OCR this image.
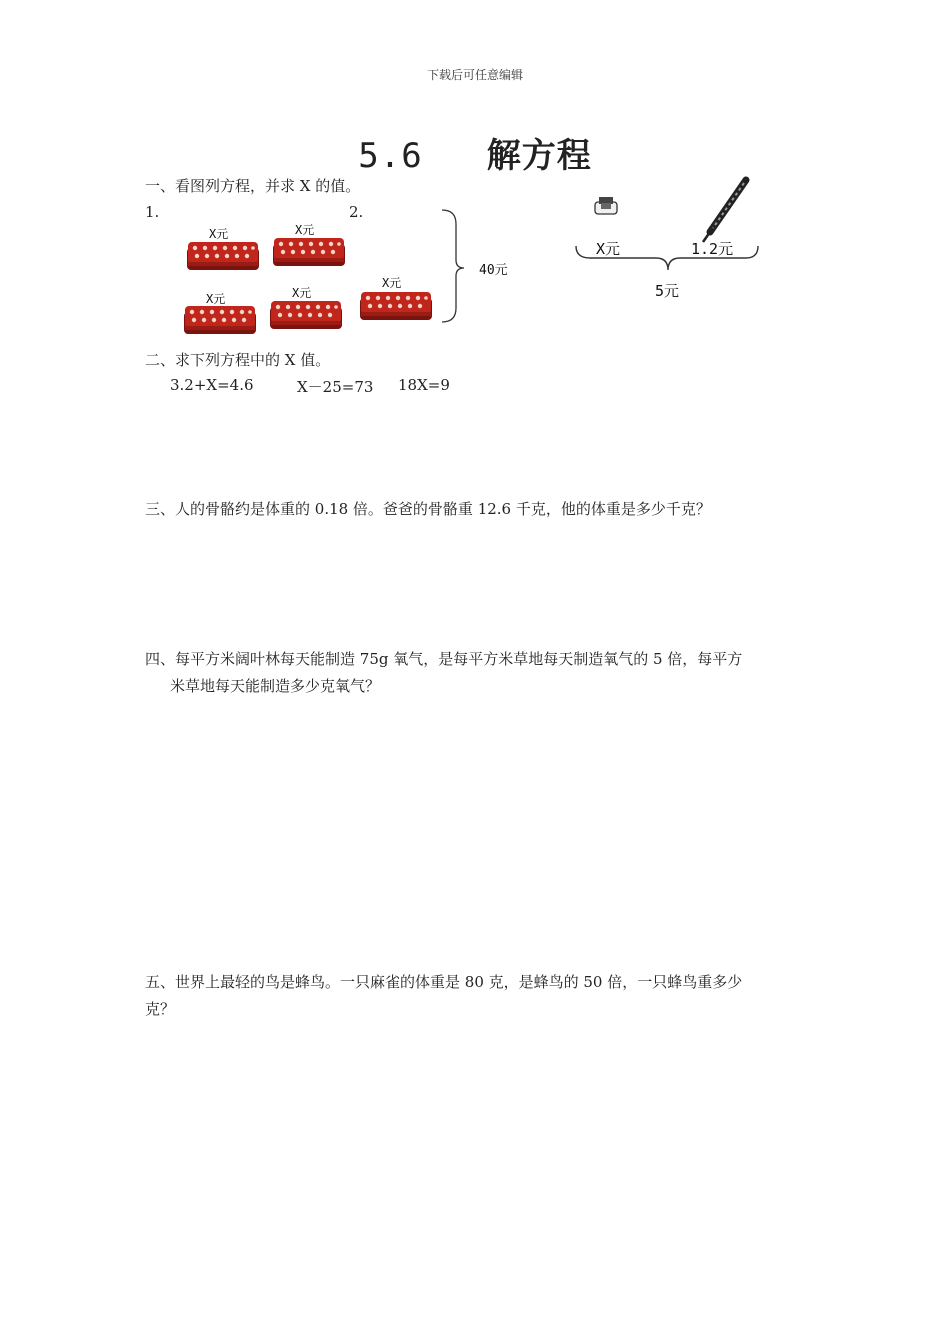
下载后可任意编辑
5.6 解方程
一、看图列方程，并求 X 的值。
1.	2.
X元	X元
X元	X元
X元
40元
X元	1.2元
5元
二、求下列方程中的 X 值。
3.2+X=4.6	X－25=73 18X=9
三、人的骨骼约是体重的 0.18 倍。爸爸的骨骼重 12.6 千克，他的体重是多少千克？
四、每平方米阔叶林每天能制造 75g 氧气，是每平方米草地每天制造氧气的 5 倍，每平方
米草地每天能制造多少克氧气？
五、世界上最轻的鸟是蜂鸟。一只麻雀的体重是 80 克，是蜂鸟的 50 倍，一只蜂鸟重多少
克？
